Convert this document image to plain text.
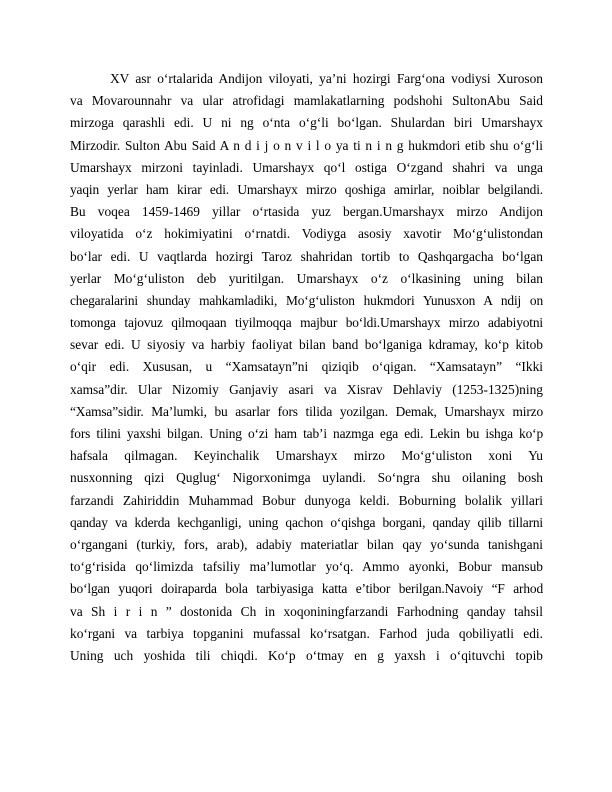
XV asr o‘rtalarida Andijon viloyati, ya’ni hozirgi Farg‘ona vodiysi Xuroson
va Movarounnahr va ular atrofidagi mamlakatlarning podshohi SultonAbu Said
mirzoga qarashli edi. U ni ng o‘nta o‘g‘li bo‘lgan. Shulardan biri Umarshayx
Mirzodir. Sulton Abu Said A n d i j o n v i l o ya ti n i n g hukmdori etib shu o‘g‘li
Umarshayx mirzoni tayinladi. Umarshayx qo‘l ostiga O‘zgand shahri va unga
yaqin yerlar ham kirar edi. Umarshayx mirzo qoshiga amirlar, noiblar belgilandi.
Bu voqea 1459-1469 yillar o‘rtasida yuz bergan.Umarshayx mirzo Andijon
viloyatida o‘z hokimiyatini o‘rnatdi. Vodiyga asosiy xavotir Mo‘g‘ulistondan
bo‘lar edi. U vaqtlarda hozirgi Taroz shahridan tortib to Qashqargacha bo‘lgan
yerlar Mo‘g‘uliston deb yuritilgan. Umarshayx o‘z o‘lkasining uning bilan
chegaralarini shunday mahkamladiki, Mo‘g‘uliston hukmdori Yunusxon A ndij on
tomonga tajovuz qilmoqaan tiyilmoqqa majbur bo‘ldi.Umarshayx mirzo adabiyotni
sevar edi. U siyosiy va harbiy faoliyat bilan band bo‘lganiga kdramay, ko‘p kitob
o‘qir edi. Xususan, u “Xamsatayn”ni qiziqib o‘qigan. “Xamsatayn” “Ikki
xamsa”dir. Ular Nizomiy Ganjaviy asari va Xisrav Dehlaviy (1253-1325)ning
“Xamsa”sidir. Ma’lumki, bu asarlar fors tilida yozilgan. Demak, Umarshayx mirzo
fors tilini yaxshi bilgan. Uning o‘zi ham tab’i nazmga ega edi. Lekin bu ishga ko‘p
hafsala qilmagan. Keyinchalik Umarshayx mirzo Mo‘g‘uliston xoni Yu
nusxonning qizi Quglug‘ Nigorxonimga uylandi. So‘ngra shu oilaning bosh
farzandi Zahiriddin Muhammad Bobur dunyoga keldi. Boburning bolalik yillari
qanday va kderda kechganligi, uning qachon o‘qishga borgani, qanday qilib tillarni
o‘rgangani (turkiy, fors, arab), adabiy materiatlar bilan qay yo‘sunda tanishgani
to‘g‘risida qo‘limizda tafsiliy ma’lumotlar yo‘q. Ammo ayonki, Bobur mansub
bo‘lgan yuqori doiraparda bola tarbiyasiga katta e’tibor berilgan.Navoiy “F arhod
va Sh i r i n ” dostonida Ch in xoqoniningfarzandi Farhodning qanday tahsil
ko‘rgani va tarbiya topganini mufassal ko‘rsatgan. Farhod juda qobiliyatli edi.
Uning uch yoshida tili chiqdi. Ko‘p o‘tmay en g yaxsh i o‘qituvchi topib
